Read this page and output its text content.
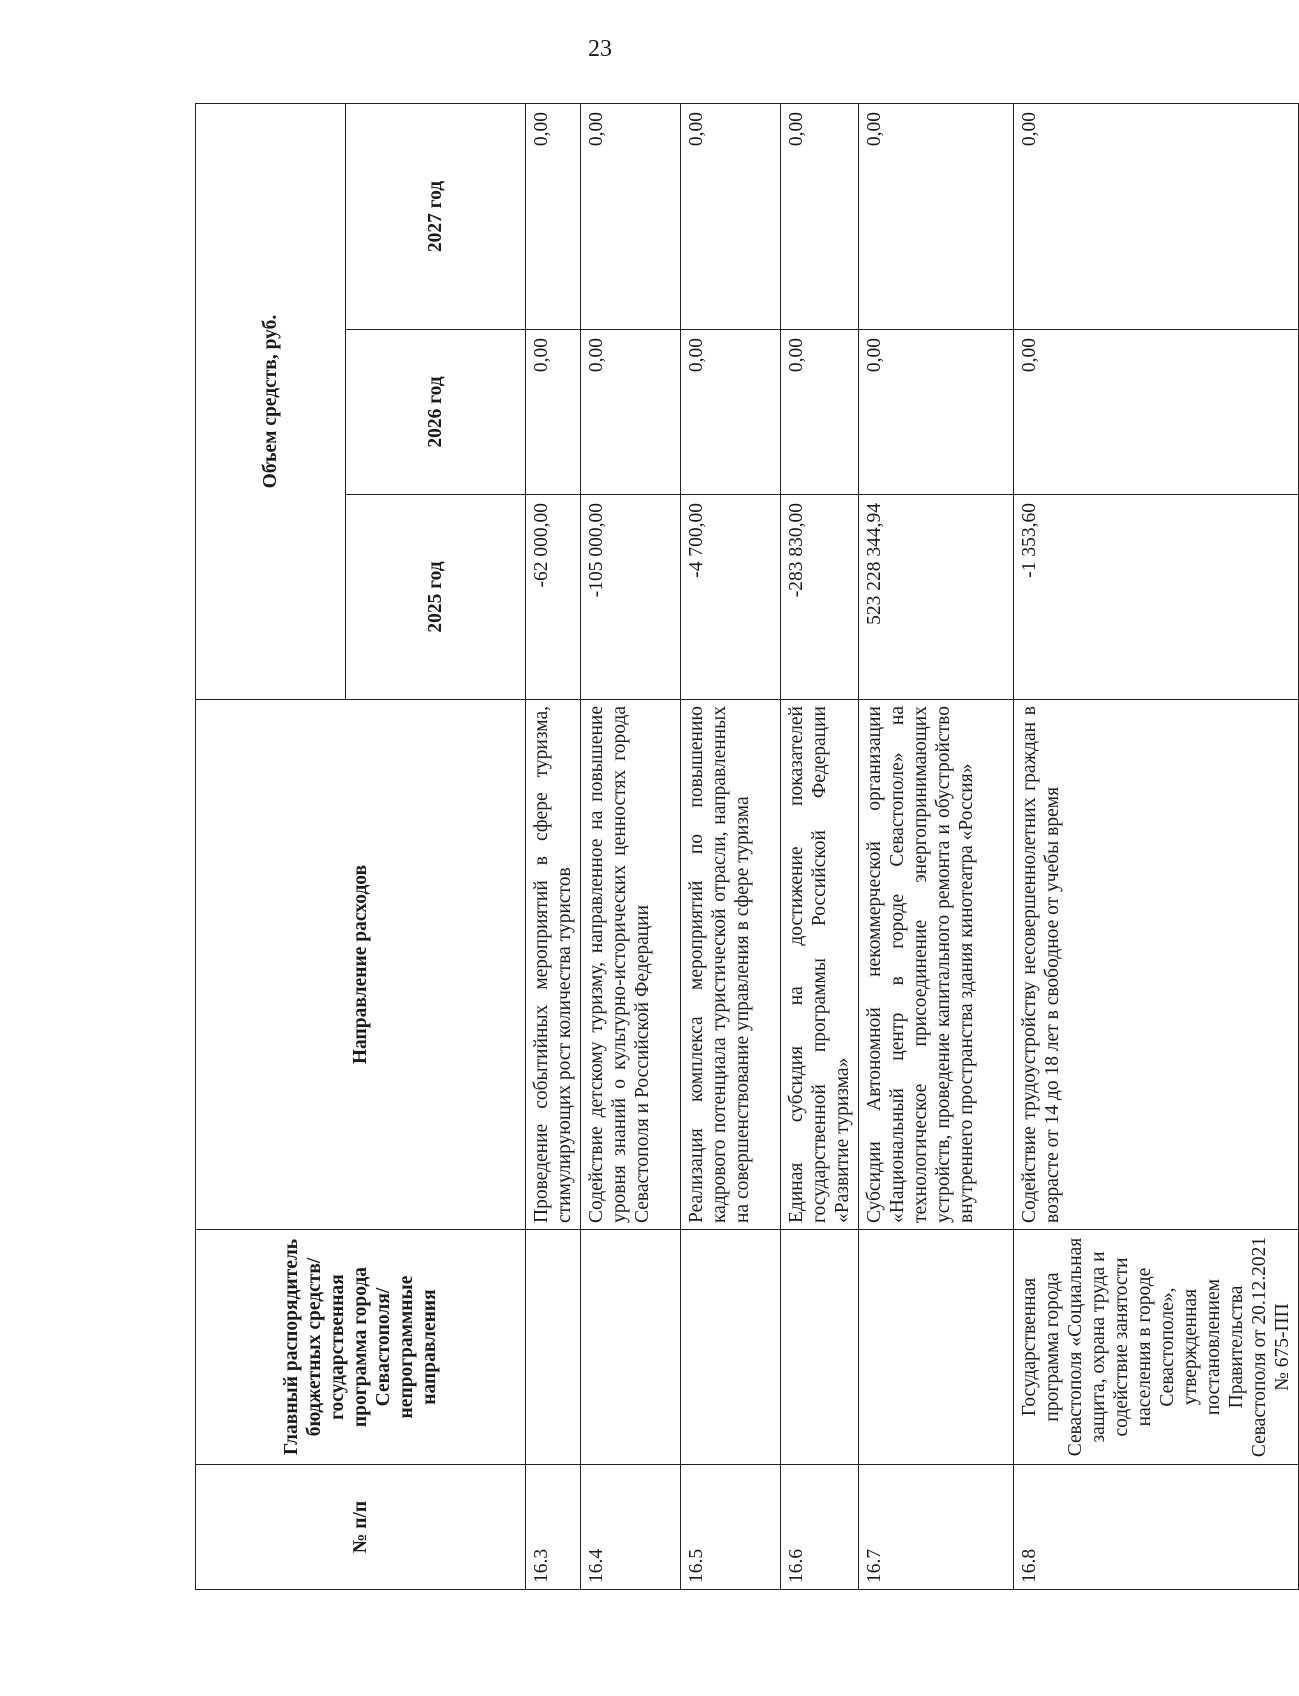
23
№ п/п	Главный распорядитель бюджетных средств/государственная программа города Севастополя/непрограммные направления	Направление расходов	Объем средств, руб.		
			2025 год	2026 год	2027 год
16.3		Проведение событийных мероприятий в сфере туризма, стимулирующих рост количества туристов	-62 000,00	0,00	0,00
16.4		Содействие детскому туризму, направленное на повышение уровня знаний о культурно-исторических ценностях города Севастополя и Российской Федерации	-105 000,00	0,00	0,00
16.5		Реализация комплекса мероприятий по повышению кадрового потенциала туристической отрасли, направленных на совершенствование управления в сфере туризма	-4 700,00	0,00	0,00
16.6		Единая субсидия на достижение показателей государственной программы Российской Федерации «Развитие туризма»	-283 830,00	0,00	0,00
16.7		Субсидии Автономной некоммерческой организации «Национальный центр в городе Севастополе» на технологическое присоединение энергопринимающих устройств, проведение капитального ремонта и обустройство внутреннего пространства здания кинотеатра «Россия»	523 228 344,94	0,00	0,00
16.8	Государственная программа города Севастополя «Социальная защита, охрана труда и содействие занятости населения в городе Севастополе», утвержденная постановлением Правительства Севастополя от 20.12.2021 № 675-ПП	Содействие трудоустройству несовершеннолетних граждан в возрасте от 14 до 18 лет в свободное от учебы время	-1 353,60	0,00	0,00
